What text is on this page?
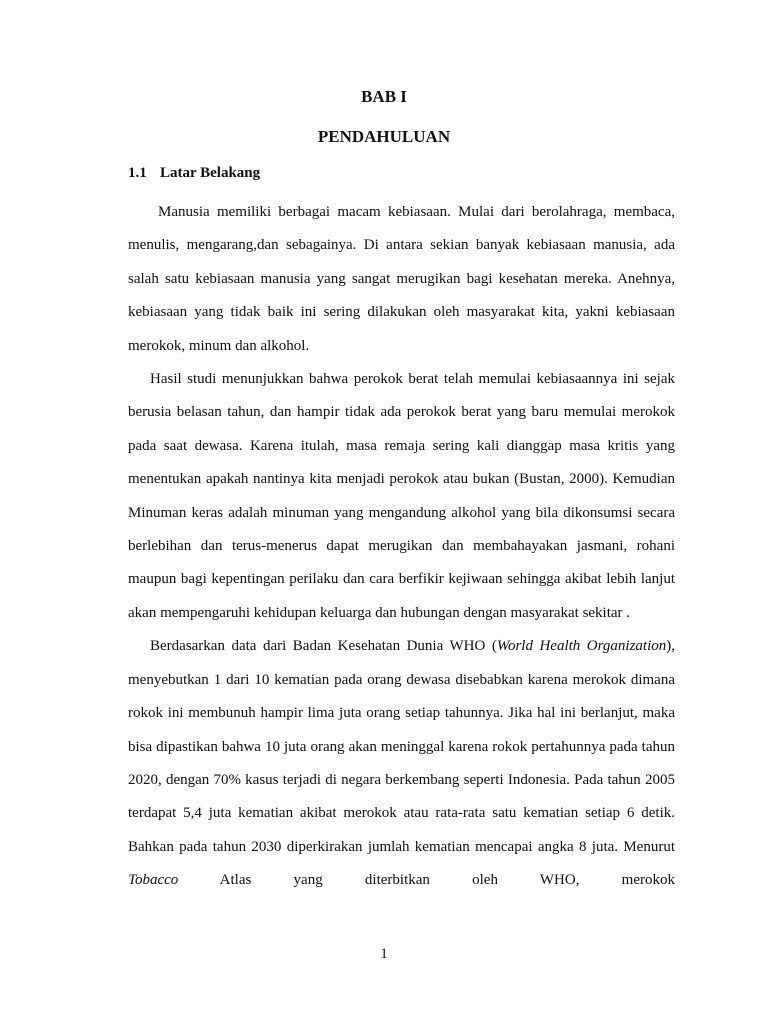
BAB I
PENDAHULUAN
1.1 Latar Belakang

Manusia memiliki berbagai macam kebiasaan. Mulai dari berolahraga, membaca, menulis, mengarang,dan sebagainya. Di antara sekian banyak kebiasaan manusia, ada salah satu kebiasaan manusia yang sangat merugikan bagi kesehatan mereka. Anehnya, kebiasaan yang tidak baik ini sering dilakukan oleh masyarakat kita, yakni kebiasaan merokok, minum dan alkohol.

Hasil studi menunjukkan bahwa perokok berat telah memulai kebiasaannya ini sejak berusia belasan tahun, dan hampir tidak ada perokok berat yang baru memulai merokok pada saat dewasa. Karena itulah, masa remaja sering kali dianggap masa kritis yang menentukan apakah nantinya kita menjadi perokok atau bukan (Bustan, 2000). Kemudian Minuman keras adalah minuman yang mengandung alkohol yang bila dikonsumsi secara berlebihan dan terus-menerus dapat merugikan dan membahayakan jasmani, rohani maupun bagi kepentingan perilaku dan cara berfikir kejiwaan sehingga akibat lebih lanjut akan mempengaruhi kehidupan keluarga dan hubungan dengan masyarakat sekitar .

Berdasarkan data dari Badan Kesehatan Dunia WHO (World Health Organization), menyebutkan 1 dari 10 kematian pada orang dewasa disebabkan karena merokok dimana rokok ini membunuh hampir lima juta orang setiap tahunnya. Jika hal ini berlanjut, maka bisa dipastikan bahwa 10 juta orang akan meninggal karena rokok pertahunnya pada tahun 2020, dengan 70% kasus terjadi di negara berkembang seperti Indonesia. Pada tahun 2005 terdapat 5,4 juta kematian akibat merokok atau rata-rata satu kematian setiap 6 detik. Bahkan pada tahun 2030 diperkirakan jumlah kematian mencapai angka 8 juta. Menurut Tobacco Atlas yang diterbitkan oleh WHO, merokok

1
